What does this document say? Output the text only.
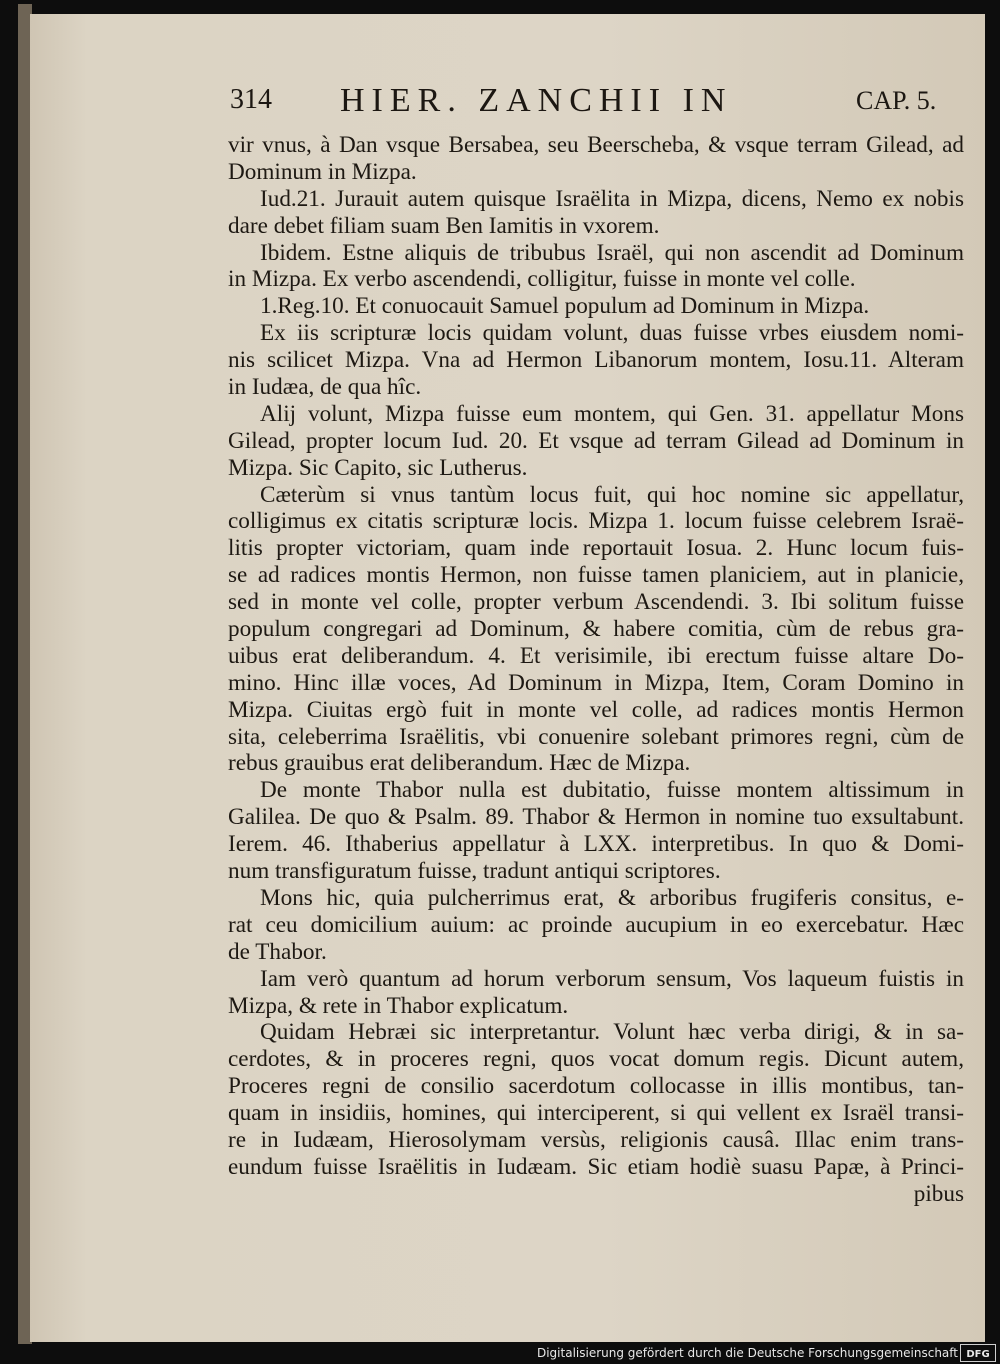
314 HIER. ZANCHII IN	CAP. 5.
vir vnus, à Dan vsque Bersabea, seu Beerscheba, & vsque terram Gilead, ad
Dominum in Mizpa.
Iud.21. Jurauit autem quisque Israëlita in Mizpa, dicens, Nemo ex nobis
dare debet filiam suam Ben Iamitis in vxorem.
Ibidem. Estne aliquis de tribubus Israël, qui non ascendit ad Dominum
in Mizpa. Ex verbo ascendendi, colligitur, fuisse in monte vel colle.
1.Reg.10. Et conuocauit Samuel populum ad Dominum in Mizpa.
Ex iis scripturæ locis quidam volunt, duas fuisse vrbes eiusdem nomi-
nis scilicet Mizpa. Vna ad Hermon Libanorum montem, Iosu.11. Alteram
in Iudæa, de qua hîc.
Alij volunt, Mizpa fuisse eum montem, qui Gen. 31. appellatur Mons
Gilead, propter locum Iud. 20. Et vsque ad terram Gilead ad Dominum in
Mizpa. Sic Capito, sic Lutherus.
Cæterùm si vnus tantùm locus fuit, qui hoc nomine sic appellatur,
colligimus ex citatis scripturæ locis. Mizpa 1. locum fuisse celebrem Israë-
litis propter victoriam, quam inde reportauit Iosua. 2. Hunc locum fuis-
se ad radices montis Hermon, non fuisse tamen planiciem, aut in planicie,
sed in monte vel colle, propter verbum Ascendendi. 3. Ibi solitum fuisse
populum congregari ad Dominum, & habere comitia, cùm de rebus gra-
uibus erat deliberandum. 4. Et verisimile, ibi erectum fuisse altare Do-
mino. Hinc illæ voces, Ad Dominum in Mizpa, Item, Coram Domino in
Mizpa. Ciuitas ergò fuit in monte vel colle, ad radices montis Hermon
sita, celeberrima Israëlitis, vbi conuenire solebant primores regni, cùm de
rebus grauibus erat deliberandum. Hæc de Mizpa.
De monte Thabor nulla est dubitatio, fuisse montem altissimum in
Galilea. De quo & Psalm. 89. Thabor & Hermon in nomine tuo exsultabunt.
Ierem. 46. Ithaberius appellatur à LXX. interpretibus. In quo & Domi-
num transfiguratum fuisse, tradunt antiqui scriptores.
Mons hic, quia pulcherrimus erat, & arboribus frugiferis consitus, e-
rat ceu domicilium auium: ac proinde aucupium in eo exercebatur. Hæc
de Thabor.
Iam verò quantum ad horum verborum sensum, Vos laqueum fuistis in
Mizpa, & rete in Thabor explicatum.
Quidam Hebræi sic interpretantur. Volunt hæc verba dirigi, & in sa-
cerdotes, & in proceres regni, quos vocat domum regis. Dicunt autem,
Proceres regni de consilio sacerdotum collocasse in illis montibus, tan-
quam in insidiis, homines, qui interciperent, si qui vellent ex Israël transi-
re in Iudæam, Hierosolymam versùs, religionis causâ. Illac enim trans-
eundum fuisse Israëlitis in Iudæam. Sic etiam hodiè suasu Papæ, à Princi-
pibus
Digitalisierung gefördert durch die Deutsche Forschungsgemeinschaft DFG
